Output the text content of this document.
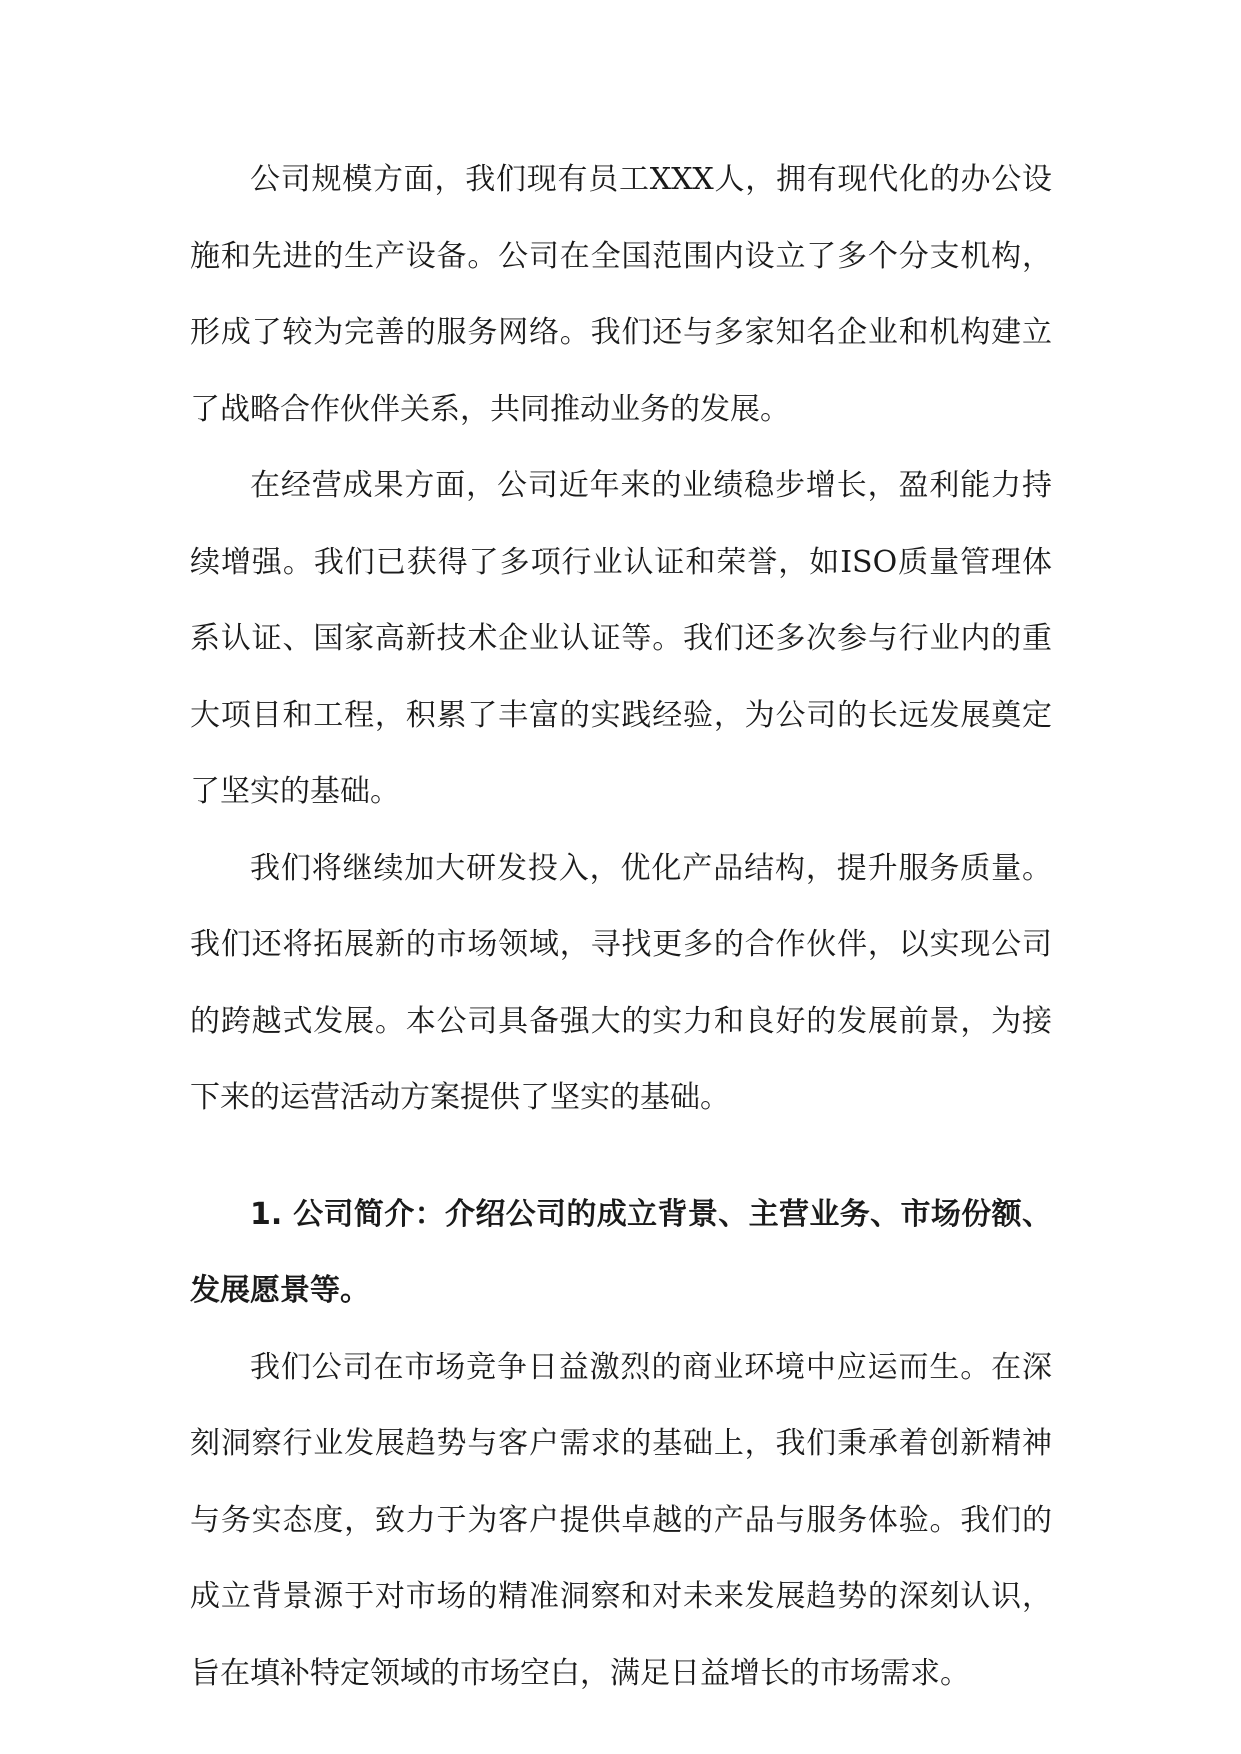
公司规模方面，我们现有员工XXX人，拥有现代化的办公设施和先进的生产设备。公司在全国范围内设立了多个分支机构，形成了较为完善的服务网络。我们还与多家知名企业和机构建立了战略合作伙伴关系，共同推动业务的发展。

在经营成果方面，公司近年来的业绩稳步增长，盈利能力持续增强。我们已获得了多项行业认证和荣誉，如ISO质量管理体系认证、国家高新技术企业认证等。我们还多次参与行业内的重大项目和工程，积累了丰富的实践经验，为公司的长远发展奠定了坚实的基础。

我们将继续加大研发投入，优化产品结构，提升服务质量。我们还将拓展新的市场领域，寻找更多的合作伙伴，以实现公司的跨越式发展。本公司具备强大的实力和良好的发展前景，为接下来的运营活动方案提供了坚实的基础。

1. 公司简介：介绍公司的成立背景、主营业务、市场份额、发展愿景等。

我们公司在市场竞争日益激烈的商业环境中应运而生。在深刻洞察行业发展趋势与客户需求的基础上，我们秉承着创新精神与务实态度，致力于为客户提供卓越的产品与服务体验。我们的成立背景源于对市场的精准洞察和对未来发展趋势的深刻认识，旨在填补特定领域的市场空白，满足日益增长的市场需求。
